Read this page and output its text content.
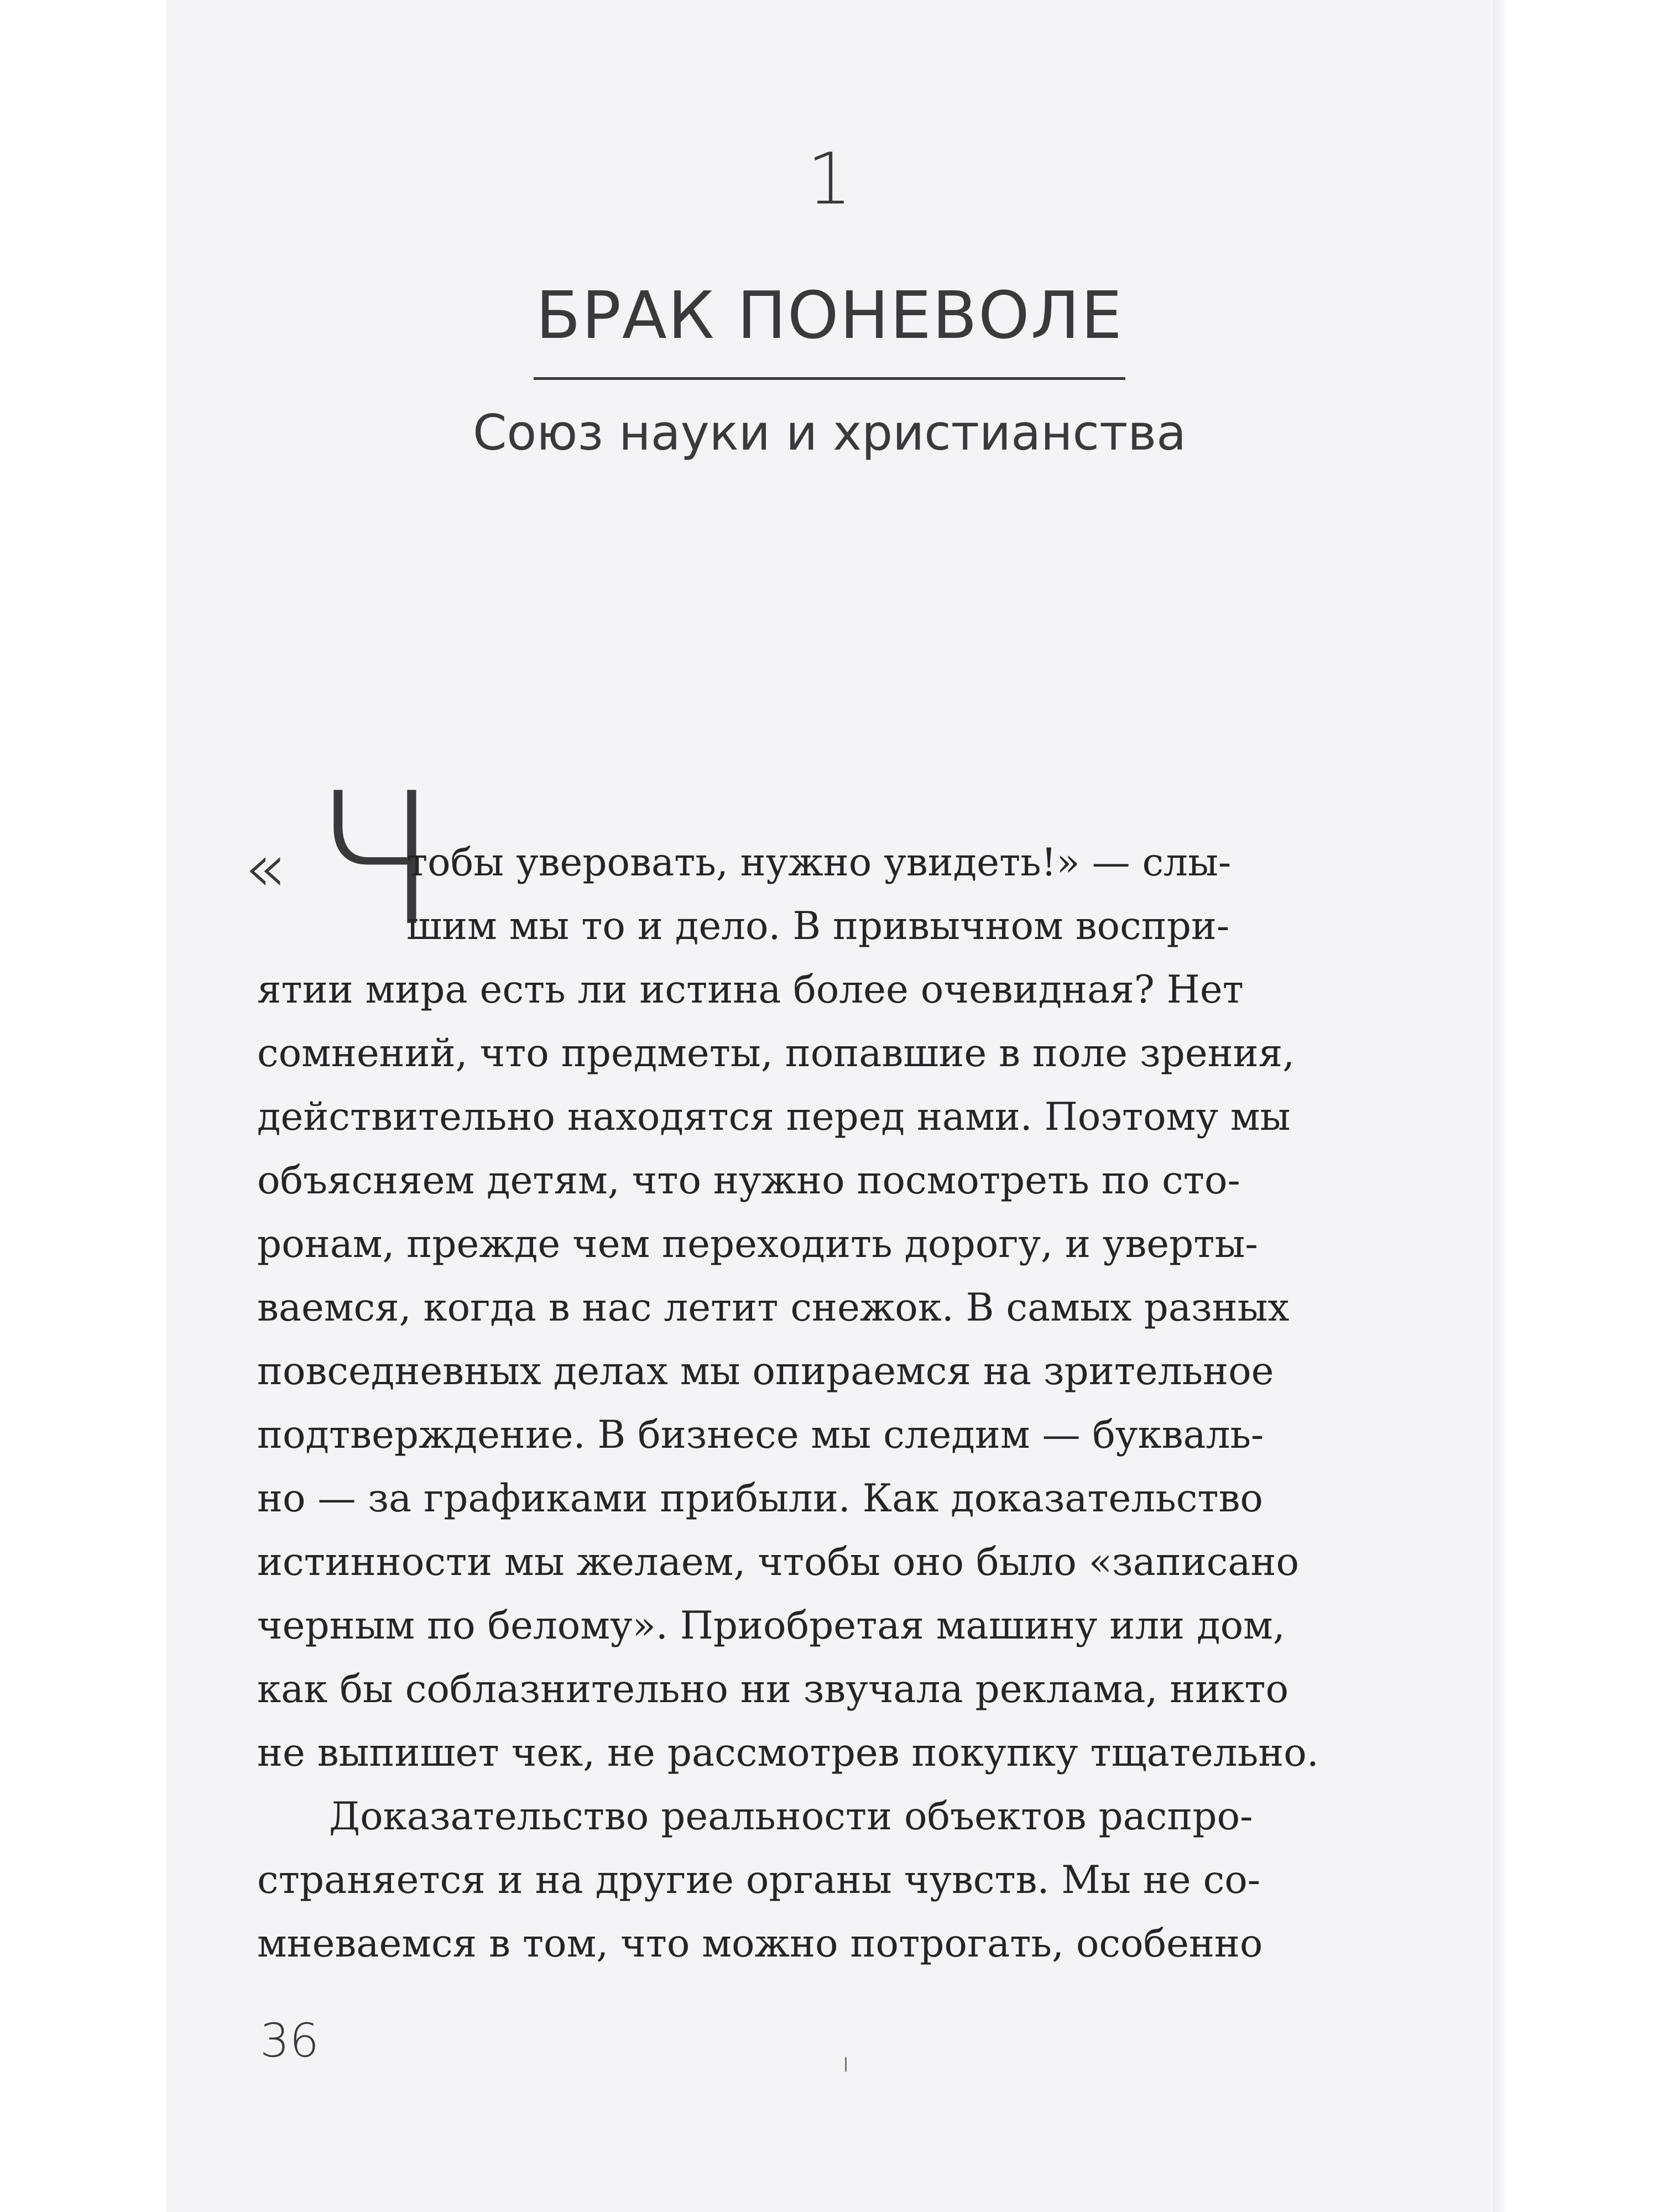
1
БРАК ПОНЕВОЛЕ
Союз науки и христианства
« Ч
тобы уверовать, нужно увидеть!» — слы-
шим мы то и дело. В привычном воспри-
ятии мира есть ли истина более очевидная? Нет
сомнений, что предметы, попавшие в поле зрения,
действительно находятся перед нами. Поэтому мы
объясняем детям, что нужно посмотреть по сто-
ронам, прежде чем переходить дорогу, и уверты-
ваемся, когда в нас летит снежок. В самых разных
повседневных делах мы опираемся на зрительное
подтверждение. В бизнесе мы следим — букваль-
но — за графиками прибыли. Как доказательство
истинности мы желаем, чтобы оно было «записано
черным по белому». Приобретая машину или дом,
как бы соблазнительно ни звучала реклама, никто
не выпишет чек, не рассмотрев покупку тщательно.
Доказательство реальности объектов распро-
страняется и на другие органы чувств. Мы не со-
мневаемся в том, что можно потрогать, особенно
36
